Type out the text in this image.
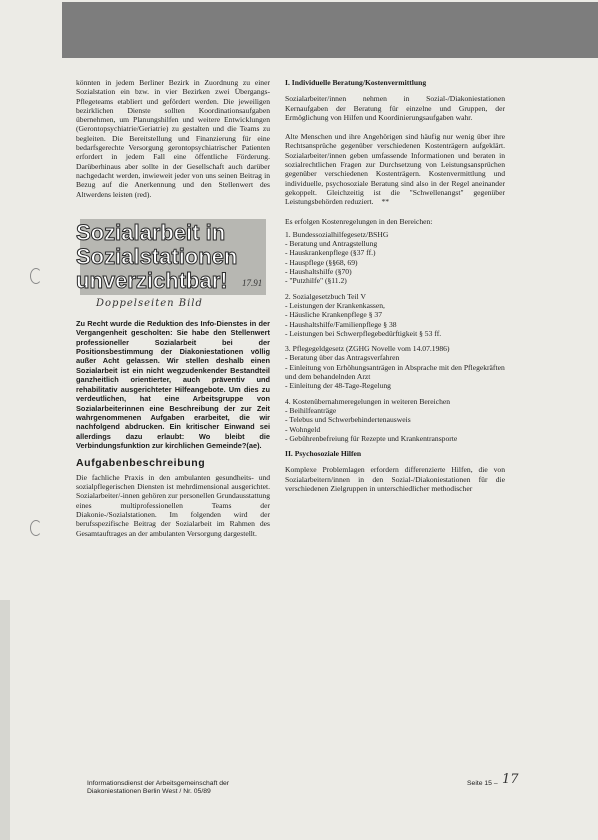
könnten in jedem Berliner Bezirk in Zuordnung zu einer Sozialstation ein bzw. in vier Bezirken zwei Übergangs-Pflegeteams etabliert und gefördert werden. Die jeweiligen bezirklichen Dienste sollten Koordinationsaufgaben übernehmen, um Planungshilfen und weitere Entwicklungen (Gerontopsychiatrie/Geriatrie) zu gestalten und die Teams zu begleiten. Die Bereitstellung und Finanzierung für eine bedarfsgerechte Versorgung gerontopsychiatrischer Patienten erfordert in jedem Fall eine öffentliche Förderung. Darüberhinaus aber sollte in der Gesellschaft auch darüber nachgedacht werden, inwieweit jeder von uns seinen Beitrag in Bezug auf die Anerkennung und den Stellenwert des Altwerdens leisten (red).

Sozialarbeit in Sozialstationen unverzichtbar!
Doppelseiten Bild
17.91
Zu Recht wurde die Reduktion des Info-Dienstes in der Vergangenheit gescholten: Sie habe den Stellenwert professioneller Sozialarbeit bei der Positionsbestimmung der Diakoniestationen völlig außer Acht gelassen. Wir stellen deshalb einen Sozialarbeit ist ein nicht wegzudenkender Bestandteil ganzheitlich orientierter, auch präventiv und rehabilitativ ausgerichteter Hilfeangebote. Um dies zu verdeutlichen, hat eine Arbeitsgruppe von Sozialarbeiterinnen eine Beschreibung der zur Zeit wahrgenommenen Aufgaben erarbeitet, die wir nachfolgend abdrucken. Ein kritischer Einwand sei allerdings dazu erlaubt: Wo bleibt die Verbindungsfunktion zur kirchlichen Gemeinde?(ae).
Aufgabenbeschreibung

Die fachliche Praxis in den ambulanten gesundheits- und sozialpflegerischen Diensten ist mehrdimensional ausgerichtet. Sozialarbeiter/-innen gehören zur personellen Grundausstattung eines multiprofessionellen Teams der Diakonie-/Sozialstationen. Im folgenden wird der berufsspezifische Beitrag der Sozialarbeit im Rahmen des Gesamtauftrages an der ambulanten Versorgung dargestellt.

I. Individuelle Beratung/Kostenvermittlung

Sozialarbeiter/innen nehmen in Sozial-/Diakoniestationen Kernaufgaben der Beratung für einzelne und Gruppen, der Ermöglichung von Hilfen und Koordinierungsaufgaben wahr.

Alte Menschen und ihre Angehörigen sind häufig nur wenig über ihre Rechtsansprüche gegenüber verschiedenen Kostenträgern aufgeklärt. Sozialarbeiter/innen geben umfassende Informationen und beraten in sozialrechtlichen Fragen zur Durchsetzung von Leistungsansprüchen gegenüber verschiedenen Kostenträgern. Kostenvermittlung und individuelle, psychosoziale Beratung sind also in der Regel aneinander gekoppelt. Gleichzeitig ist die "Schwellenangst" gegenüber Leistungsbehörden reduziert. **

Es erfolgen Kostenregelungen in den Bereichen:

1. Bundessozialhilfegesetz/BSHG
- Beratung und Antragstellung
- Hauskrankenpflege (§37 ff.)
- Hauspflege (§§68, 69)
- Haushaltshilfe (§70)
- "Putzhilfe" (§11.2)
2. Sozialgesetzbuch Teil V
- Leistungen der Krankenkassen,
- Häusliche Krankenpflege § 37
- Haushaltshilfe/Familienpflege § 38
- Leistungen bei Schwerpflegebedürftigkeit § 53 ff.
3. Pflegegeldgesetz (ZGHG Novelle vom 14.07.1986)
- Beratung über das Antragsverfahren
- Einleitung von Erhöhungsanträgen in Absprache mit den Pflegekräften und dem behandelnden Arzt
- Einleitung der 48-Tage-Regelung
4. Kostenübernahmeregelungen in weiteren Bereichen
- Beihilfeanträge
- Telebus und Schwerbehindertenausweis
- Wohngeld
- Gebührenbefreiung für Rezepte und Krankentransporte
II. Psychosoziale Hilfen

Komplexe Problemlagen erfordern differenzierte Hilfen, die von Sozialarbeitern/innen in den Sozial-/Diakoniestationen für die verschiedenen Zielgruppen in unterschiedlicher methodischer

Informationsdienst der Arbeitsgemeinschaft der
Diakoniestationen Berlin West / Nr. 05/89
Seite 15 – 17
